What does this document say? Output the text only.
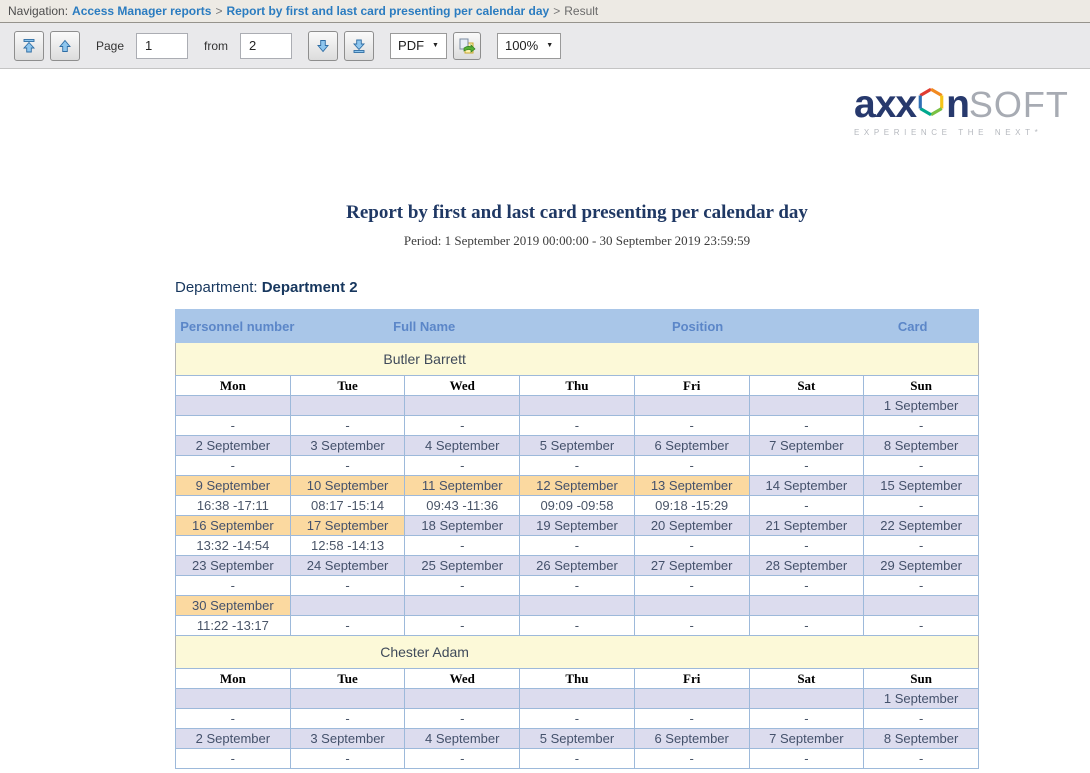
Navigation: Access Manager reports > Report by first and last card presenting per calendar day > Result
Page
1	from
2	PDF ▼	100% ▼
axx n SOFT
EXPERIENCE THE NEXT*
Report by first and last card presenting per calendar day
Period: 1 September 2019 00:00:00 - 30 September 2019 23:59:59
Department: Department 2
Personnel number	Full Name	Position	Card
Butler Barrett
Mon	Tue	Wed	Thu	Fri	Sat	Sun
						1 September
-	-	-	-	-	-	-
2 September	3 September	4 September	5 September	6 September	7 September	8 September
-	-	-	-	-	-	-
9 September	10 September	11 September	12 September	13 September	14 September	15 September
16:38 -17:11	08:17 -15:14	09:43 -11:36	09:09 -09:58	09:18 -15:29	-	-
16 September	17 September	18 September	19 September	20 September	21 September	22 September
13:32 -14:54	12:58 -14:13	-	-	-	-	-
23 September	24 September	25 September	26 September	27 September	28 September	29 September
-	-	-	-	-	-	-
30 September						
11:22 -13:17	-	-	-	-	-	-
Chester Adam
Mon	Tue	Wed	Thu	Fri	Sat	Sun
						1 September
-	-	-	-	-	-	-
2 September	3 September	4 September	5 September	6 September	7 September	8 September
-	-	-	-	-	-	-
